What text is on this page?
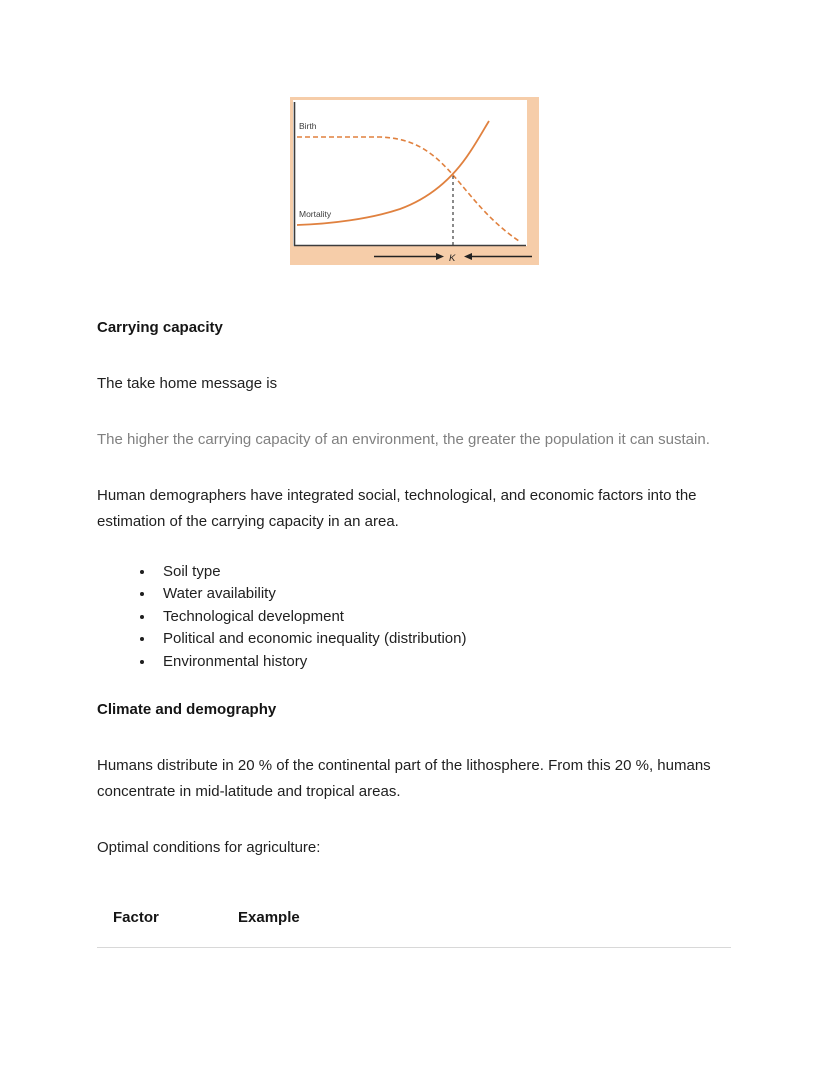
Birth
Mortality
K
Carrying capacity

The take home message is

The higher the carrying capacity of an environment, the greater the population it can sustain.

Human demographers have integrated social, technological, and economic factors into the estimation of the carrying capacity in an area.

• Soil type
• Water availability
• Technological development
• Political and economic inequality (distribution)
• Environmental history
Climate and demography

Humans distribute in 20 % of the continental part of the lithosphere. From this 20 %, humans concentrate in mid-latitude and tropical areas.

Optimal conditions for agriculture:

Factor	Example
